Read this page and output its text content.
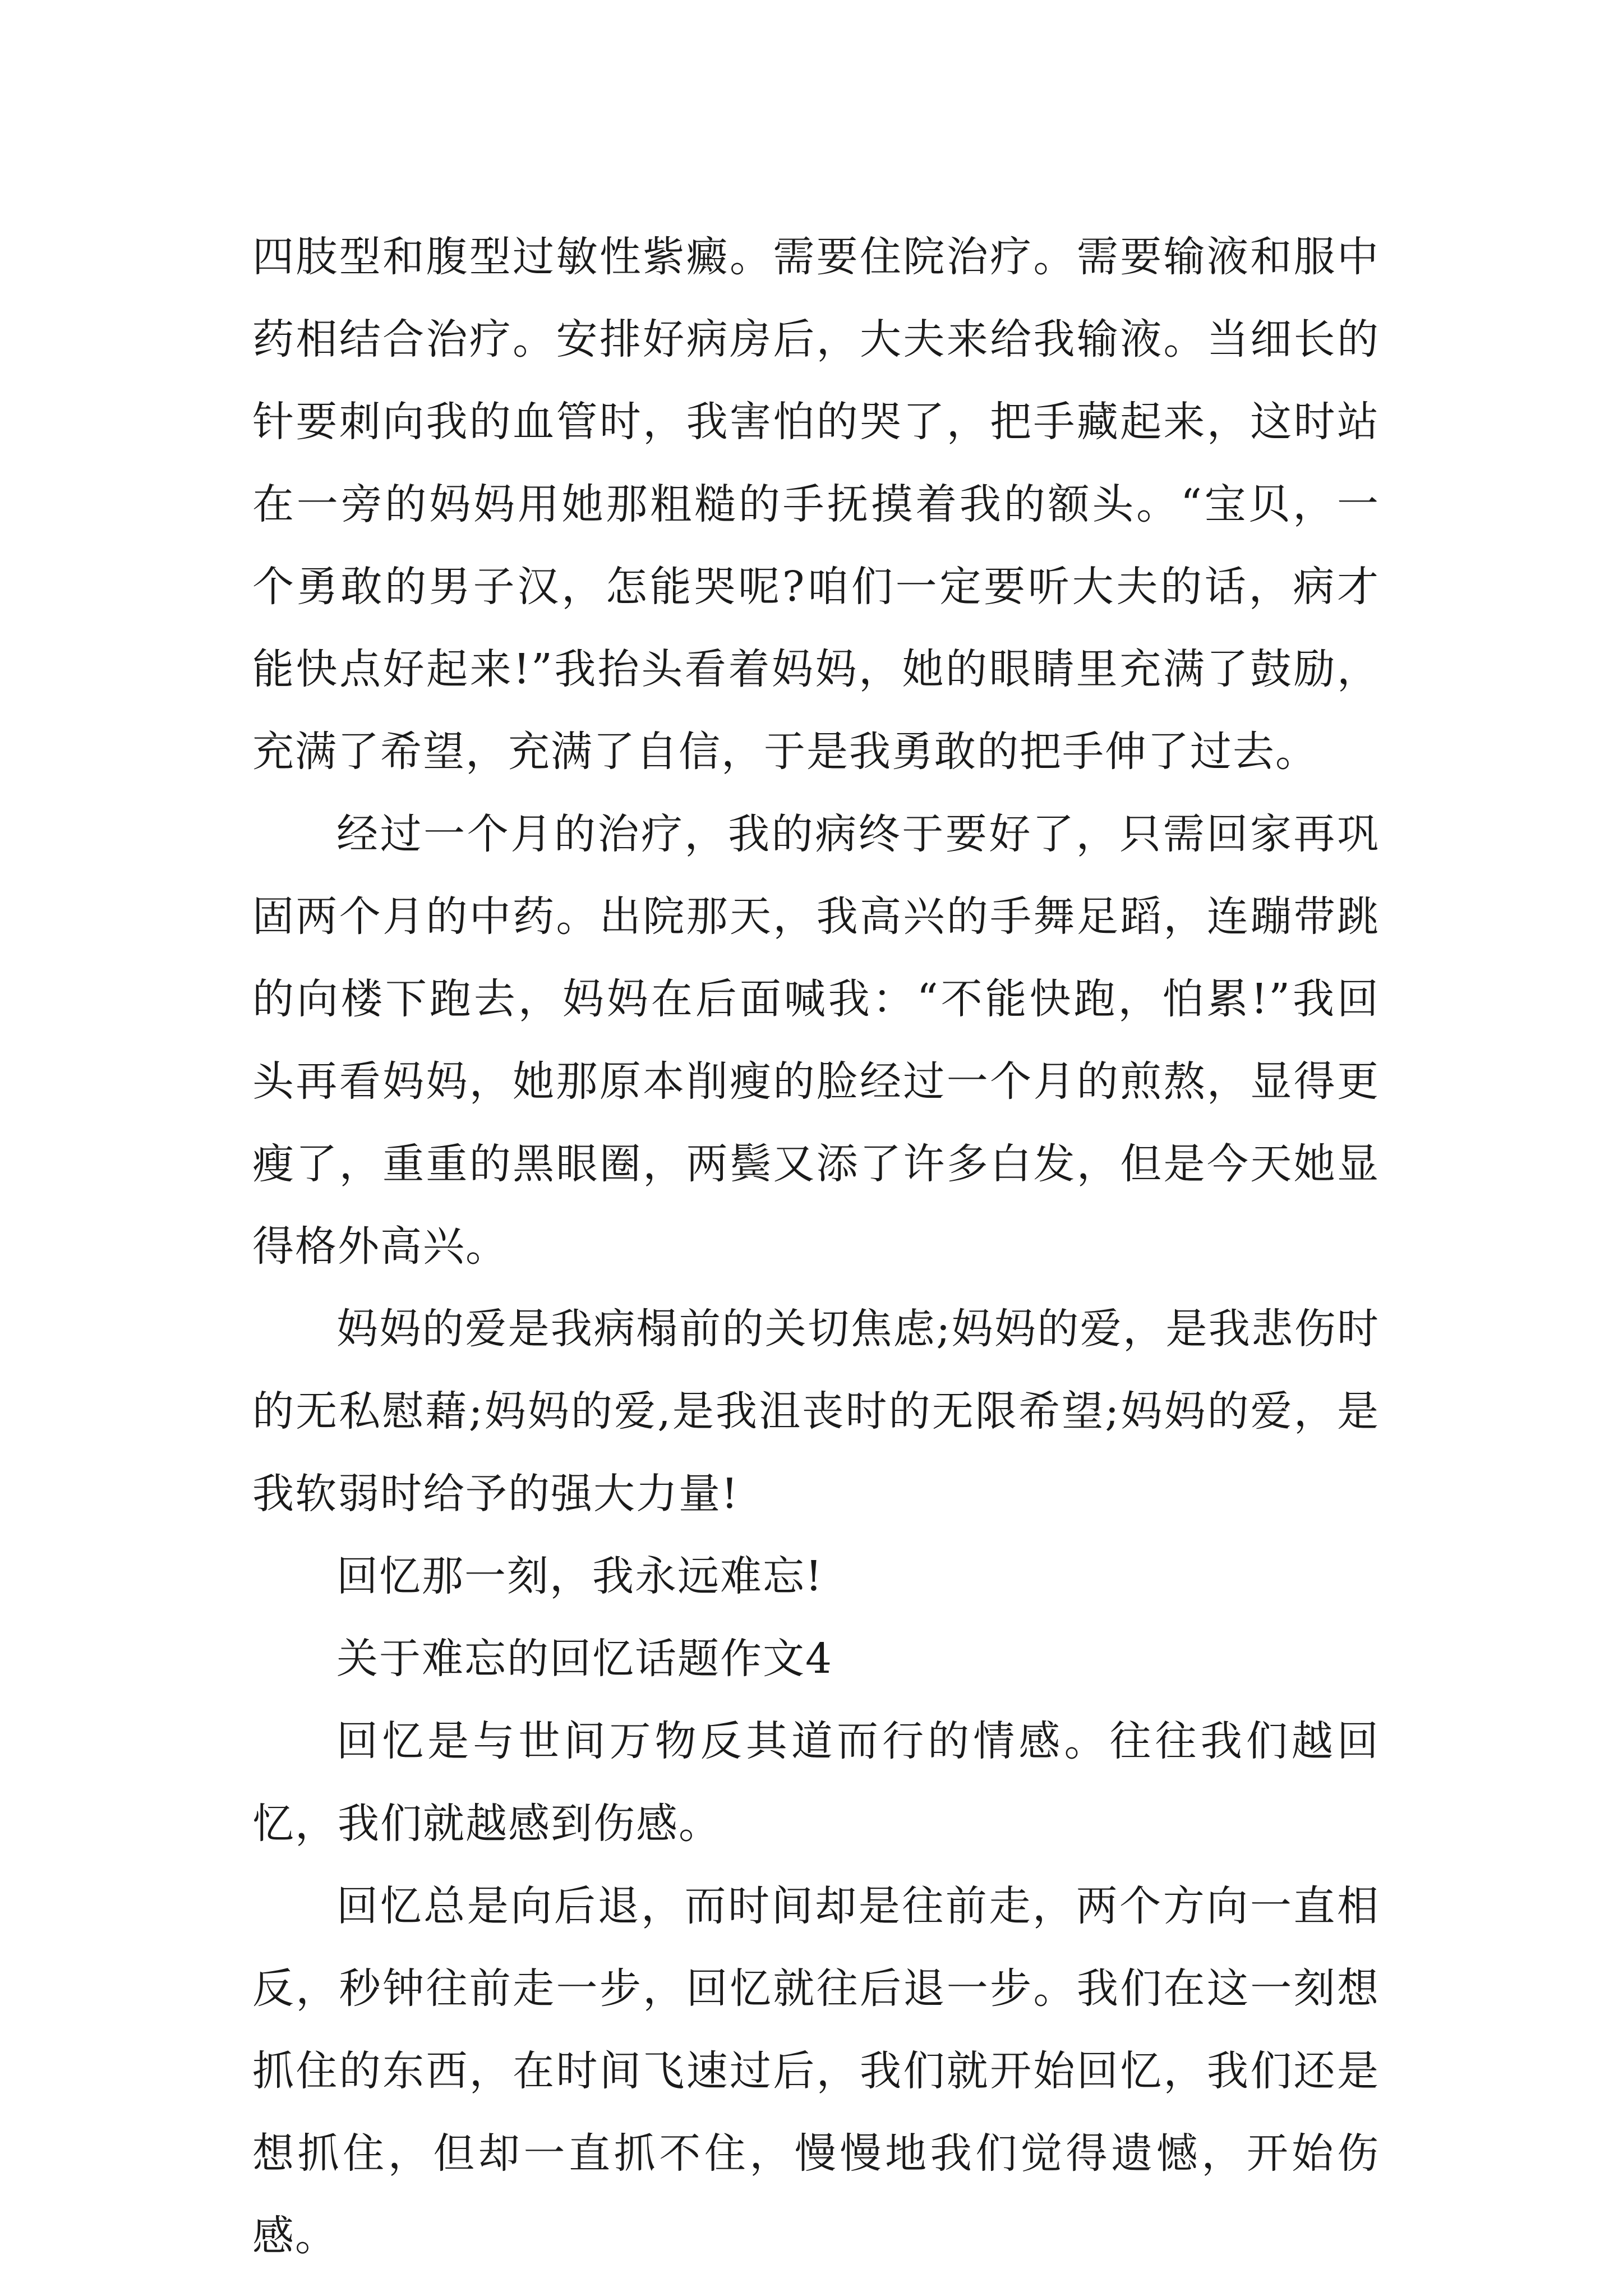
四肢型和腹型过敏性紫癜。需要住院治疗。需要输液和服中药相结合治疗。安排好病房后，大夫来给我输液。当细长的针要刺向我的血管时，我害怕的哭了，把手藏起来，这时站在一旁的妈妈用她那粗糙的手抚摸着我的额头。“宝贝，一个勇敢的男子汉，怎能哭呢?咱们一定要听大夫的话，病才能快点好起来!”我抬头看着妈妈，她的眼睛里充满了鼓励，充满了希望，充满了自信，于是我勇敢的把手伸了过去。

经过一个月的治疗，我的病终于要好了，只需回家再巩固两个月的中药。出院那天，我高兴的手舞足蹈，连蹦带跳的向楼下跑去，妈妈在后面喊我：“不能快跑，怕累!”我回头再看妈妈，她那原本削瘦的脸经过一个月的煎熬，显得更瘦了，重重的黑眼圈，两鬓又添了许多白发，但是今天她显得格外高兴。

妈妈的爱是我病榻前的关切焦虑;妈妈的爱，是我悲伤时的无私慰藉;妈妈的爱,是我沮丧时的无限希望;妈妈的爱，是我软弱时给予的强大力量!

回忆那一刻，我永远难忘!

关于难忘的回忆话题作文4

回忆是与世间万物反其道而行的情感。往往我们越回忆，我们就越感到伤感。

回忆总是向后退，而时间却是往前走，两个方向一直相反，秒钟往前走一步，回忆就往后退一步。我们在这一刻想抓住的东西，在时间飞速过后，我们就开始回忆，我们还是想抓住，但却一直抓不住，慢慢地我们觉得遗憾，开始伤感。
